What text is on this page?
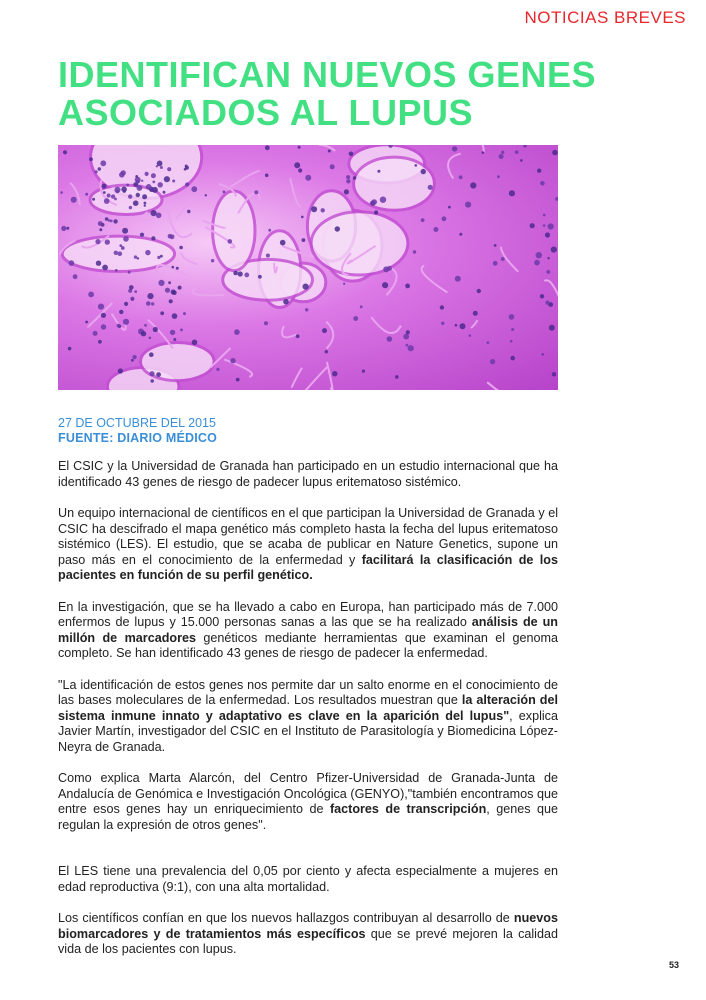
NOTICIAS BREVES
IDENTIFICAN NUEVOS GENES ASOCIADOS AL LUPUS
27 DE OCTUBRE DEL 2015
FUENTE: DIARIO MÉDICO

El CSIC y la Universidad de Granada han participado en un estudio internacional que ha identificado 43 genes de riesgo de padecer lupus eritematoso sistémico.

Un equipo internacional de científicos en el que participan la Universidad de Granada y el CSIC ha descifrado el mapa genético más completo hasta la fecha del lupus eritematoso sistémico (LES). El estudio, que se acaba de publicar en Nature Genetics, supone un paso más en el conocimiento de la enfermedad y facilitará la clasificación de los pacientes en función de su perfil genético.

En la investigación, que se ha llevado a cabo en Europa, han participado más de 7.000 enfermos de lupus y 15.000 personas sanas a las que se ha realizado análisis de un millón de marcadores genéticos mediante herramientas que examinan el genoma completo. Se han identificado 43 genes de riesgo de padecer la enfermedad.

"La identificación de estos genes nos permite dar un salto enorme en el conocimiento de las bases moleculares de la enfermedad. Los resultados muestran que la alteración del sistema inmune innato y adaptativo es clave en la aparición del lupus", explica Javier Martín, investigador del CSIC en el Instituto de Parasitología y Biomedicina López-Neyra de Granada.

Como explica Marta Alarcón, del Centro Pfizer-Universidad de Granada-Junta de Andalucía de Genómica e Investigación Oncológica (GENYO),"también encontramos que entre esos genes hay un enriquecimiento de factores de transcripción, genes que regulan la expresión de otros genes".

El LES tiene una prevalencia del 0,05 por ciento y afecta especialmente a mujeres en edad reproductiva (9:1), con una alta mortalidad.

Los científicos confían en que los nuevos hallazgos contribuyan al desarrollo de nuevos biomarcadores y de tratamientos más específicos que se prevé mejoren la calidad vida de los pacientes con lupus.

53
